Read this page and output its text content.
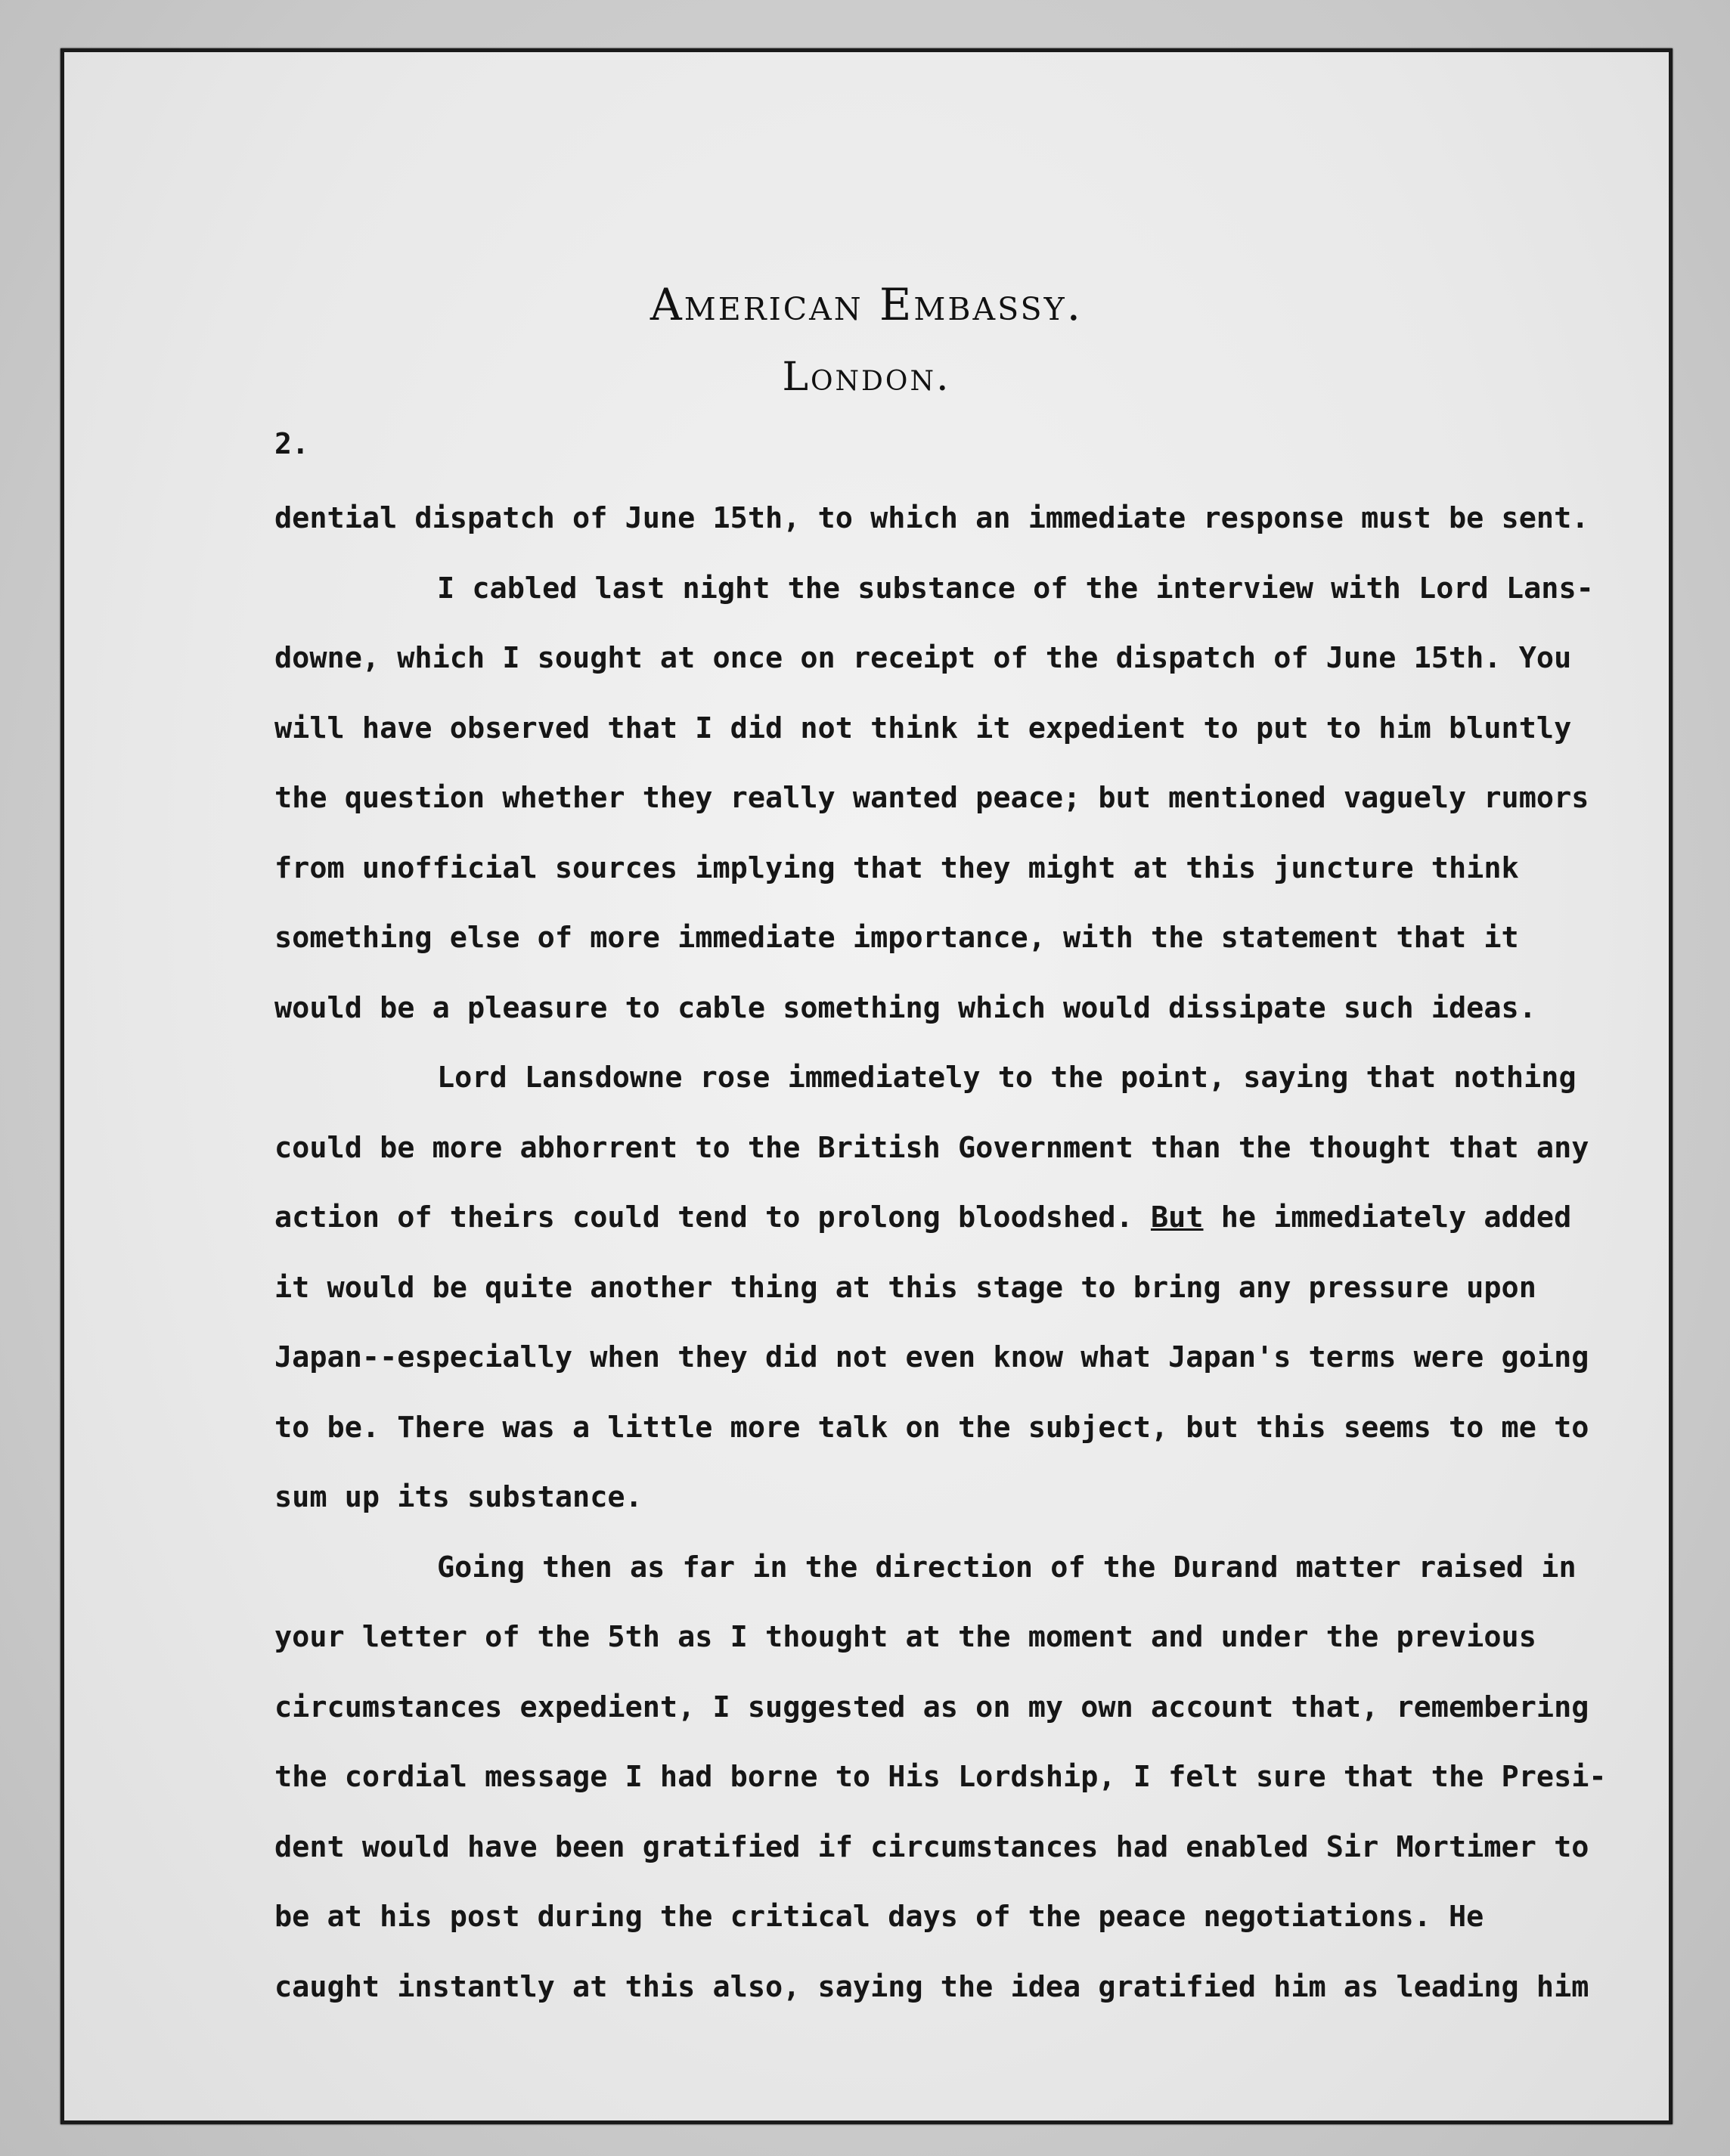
American Embassy.
London.
2.
dential dispatch of June 15th, to which an immediate response must be sent.
I cabled last night the substance of the interview with Lord Lans-
downe, which I sought at once on receipt of the dispatch of June 15th. You
will have observed that I did not think it expedient to put to him bluntly
the question whether they really wanted peace; but mentioned vaguely rumors
from unofficial sources implying that they might at this juncture think
something else of more immediate importance, with the statement that it
would be a pleasure to cable something which would dissipate such ideas.
Lord Lansdowne rose immediately to the point, saying that nothing
could be more abhorrent to the British Government than the thought that any
action of theirs could tend to prolong bloodshed. But he immediately added
it would be quite another thing at this stage to bring any pressure upon
Japan--especially when they did not even know what Japan's terms were going
to be. There was a little more talk on the subject, but this seems to me to
sum up its substance.
Going then as far in the direction of the Durand matter raised in
your letter of the 5th as I thought at the moment and under the previous
circumstances expedient, I suggested as on my own account that, remembering
the cordial message I had borne to His Lordship, I felt sure that the Presi-
dent would have been gratified if circumstances had enabled Sir Mortimer to
be at his post during the critical days of the peace negotiations. He
caught instantly at this also, saying the idea gratified him as leading him
